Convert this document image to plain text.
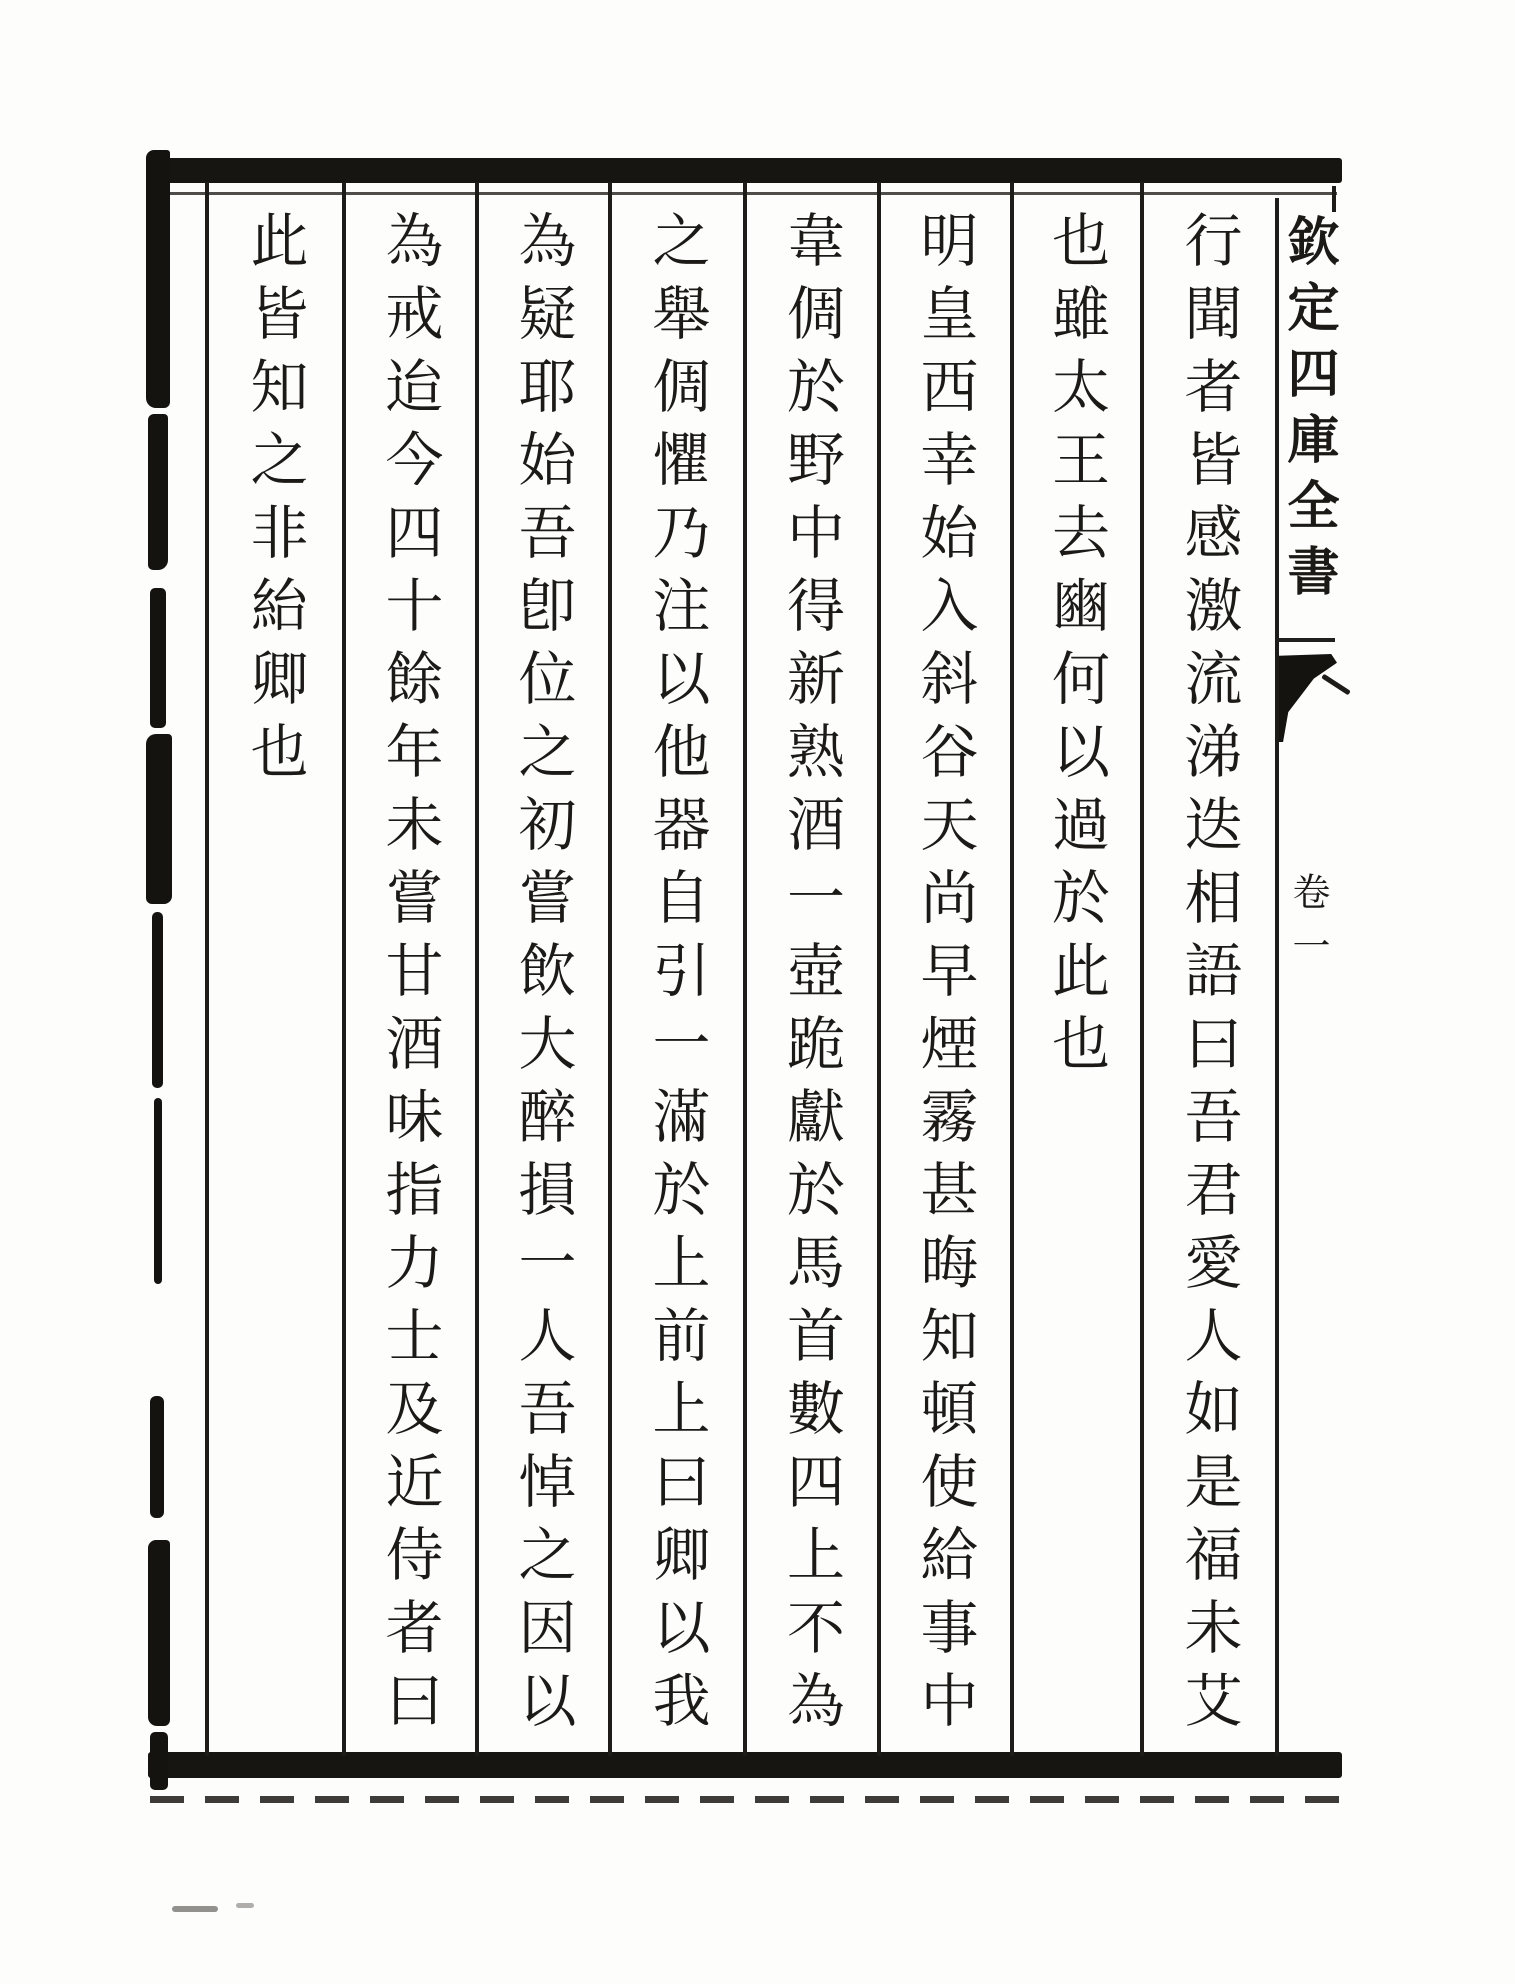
欽定四庫全書
卷一
行聞者皆感激流涕迭相語曰吾君愛人如是福未艾
也雖太王去豳何以過於此也
明皇西幸始入斜谷天尚早煙霧甚晦知頓使給事中
韋倜於野中得新熟酒一壺跪獻於馬首數四上不為
之舉倜懼乃注以他器自引一滿於上前上曰卿以我
為疑耶始吾卽位之初嘗飲大醉損一人吾悼之因以
為戒迨今四十餘年未嘗甘酒味指力士及近侍者曰
此皆知之非紿卿也
